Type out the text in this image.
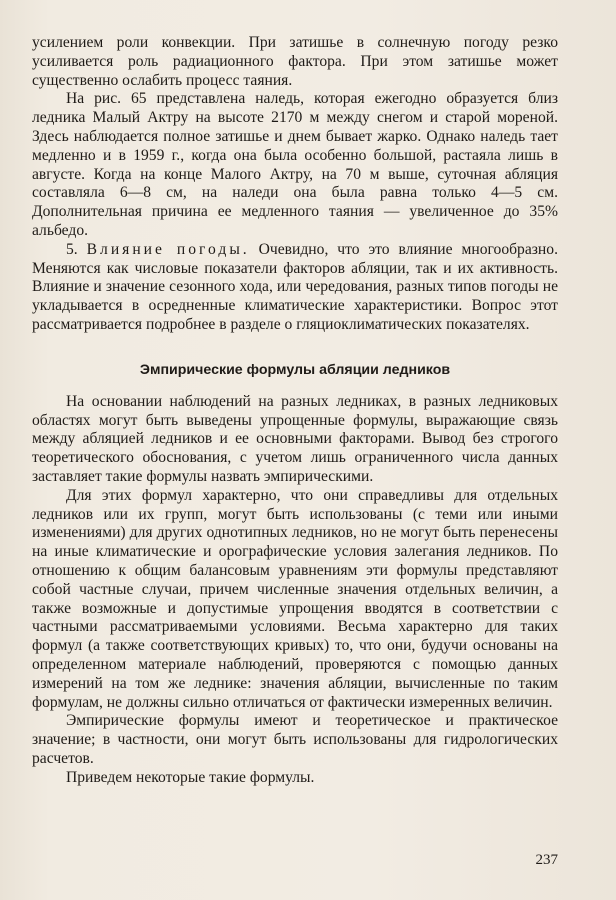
усилением роли конвекции. При затишье в солнечную погоду резко усиливается роль радиационного фактора. При этом затишье может существенно ослабить процесс таяния.

На рис. 65 представлена наледь, которая ежегодно образуется близ ледника Малый Актру на высоте 2170 м между снегом и старой мореной. Здесь наблюдается полное затишье и днем бывает жарко. Однако наледь тает медленно и в 1959 г., когда она была особенно большой, растаяла лишь в августе. Когда на конце Малого Актру, на 70 м выше, суточная абляция составляла 6—8 см, на наледи она была равна только 4—5 см. Дополнительная причина ее медленного таяния — увеличенное до 35% альбедо.

5. Влияние погоды. Очевидно, что это влияние многообразно. Меняются как числовые показатели факторов абляции, так и их активность. Влияние и значение сезонного хода, или чередования, разных типов погоды не укладывается в осредненные климатические характеристики. Вопрос этот рассматривается подробнее в разделе о гляциоклиматических показателях.

Эмпирические формулы абляции ледников

На основании наблюдений на разных ледниках, в разных ледниковых областях могут быть выведены упрощенные формулы, выражающие связь между абляцией ледников и ее основными факторами. Вывод без строгого теоретического обоснования, с учетом лишь ограниченного числа данных заставляет такие формулы назвать эмпирическими.

Для этих формул характерно, что они справедливы для отдельных ледников или их групп, могут быть использованы (с теми или иными изменениями) для других однотипных ледников, но не могут быть перенесены на иные климатические и орографические условия залегания ледников. По отношению к общим балансовым уравнениям эти формулы представляют собой частные случаи, причем численные значения отдельных величин, а также возможные и допустимые упрощения вводятся в соответствии с частными рассматриваемыми условиями. Весьма характерно для таких формул (а также соответствующих кривых) то, что они, будучи основаны на определенном материале наблюдений, проверяются с помощью данных измерений на том же леднике: значения абляции, вычисленные по таким формулам, не должны сильно отличаться от фактически измеренных величин.

Эмпирические формулы имеют и теоретическое и практическое значение; в частности, они могут быть использованы для гидрологических расчетов.

Приведем некоторые такие формулы.

237
